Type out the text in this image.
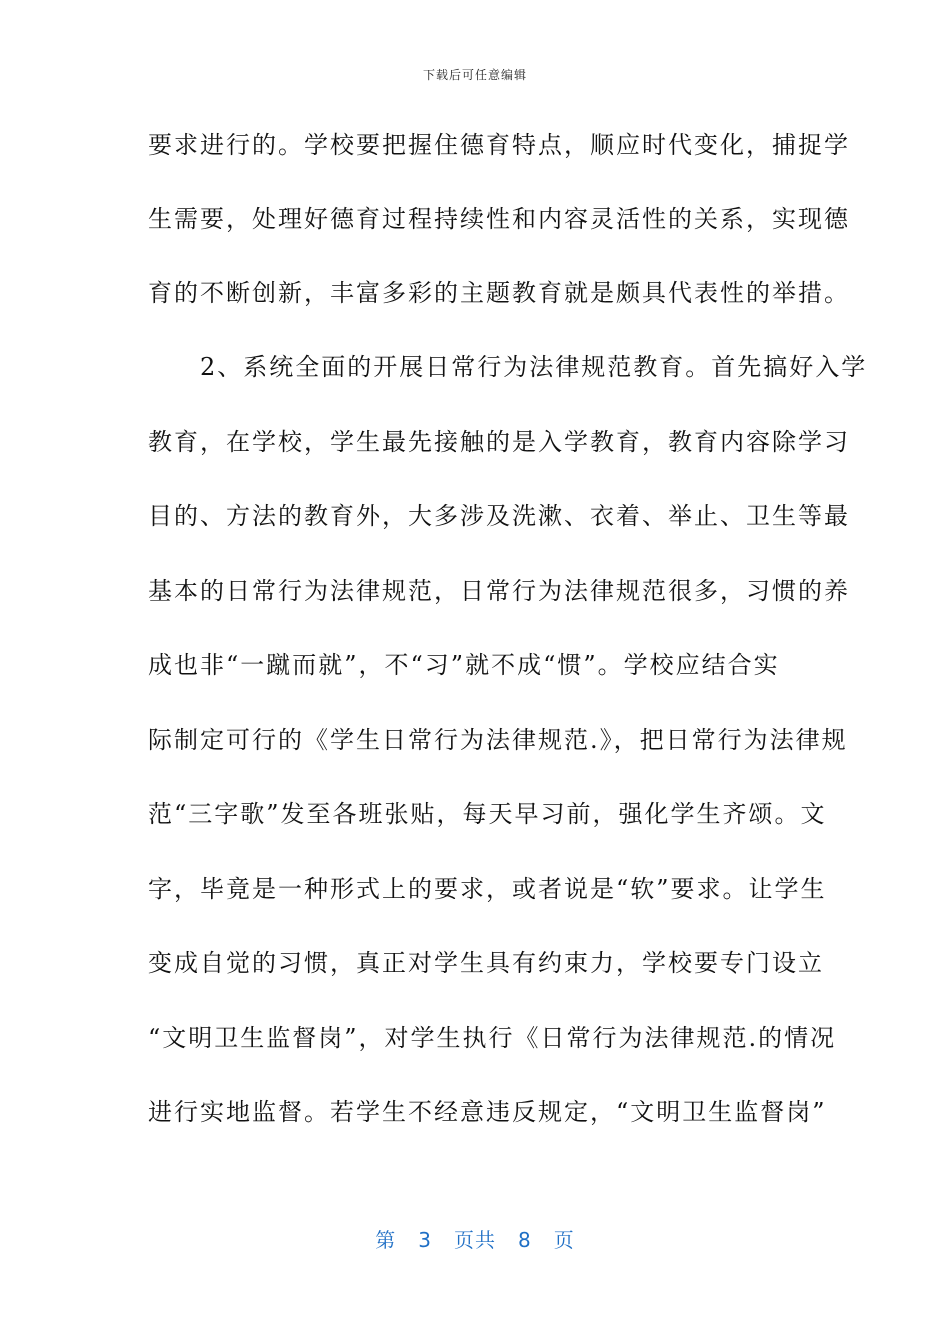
下载后可任意编辑
要求进行的。学校要把握住德育特点，顺应时代变化，捕捉学
生需要，处理好德育过程持续性和内容灵活性的关系，实现德
育的不断创新，丰富多彩的主题教育就是颇具代表性的举措。
　　2、系统全面的开展日常行为法律规范教育。首先搞好入学
教育，在学校，学生最先接触的是入学教育，教育内容除学习
目的、方法的教育外，大多涉及洗漱、衣着、举止、卫生等最
基本的日常行为法律规范，日常行为法律规范很多，习惯的养
成也非“一蹴而就”，不“习”就不成“惯”。学校应结合实
际制定可行的《学生日常行为法律规范.》，把日常行为法律规
范“三字歌”发至各班张贴，每天早习前，强化学生齐颂。文
字，毕竟是一种形式上的要求，或者说是“软”要求。让学生
变成自觉的习惯，真正对学生具有约束力，学校要专门设立
“文明卫生监督岗”，对学生执行《日常行为法律规范.的情况
进行实地监督。若学生不经意违反规定，“文明卫生监督岗”
第 3 页共 8 页
